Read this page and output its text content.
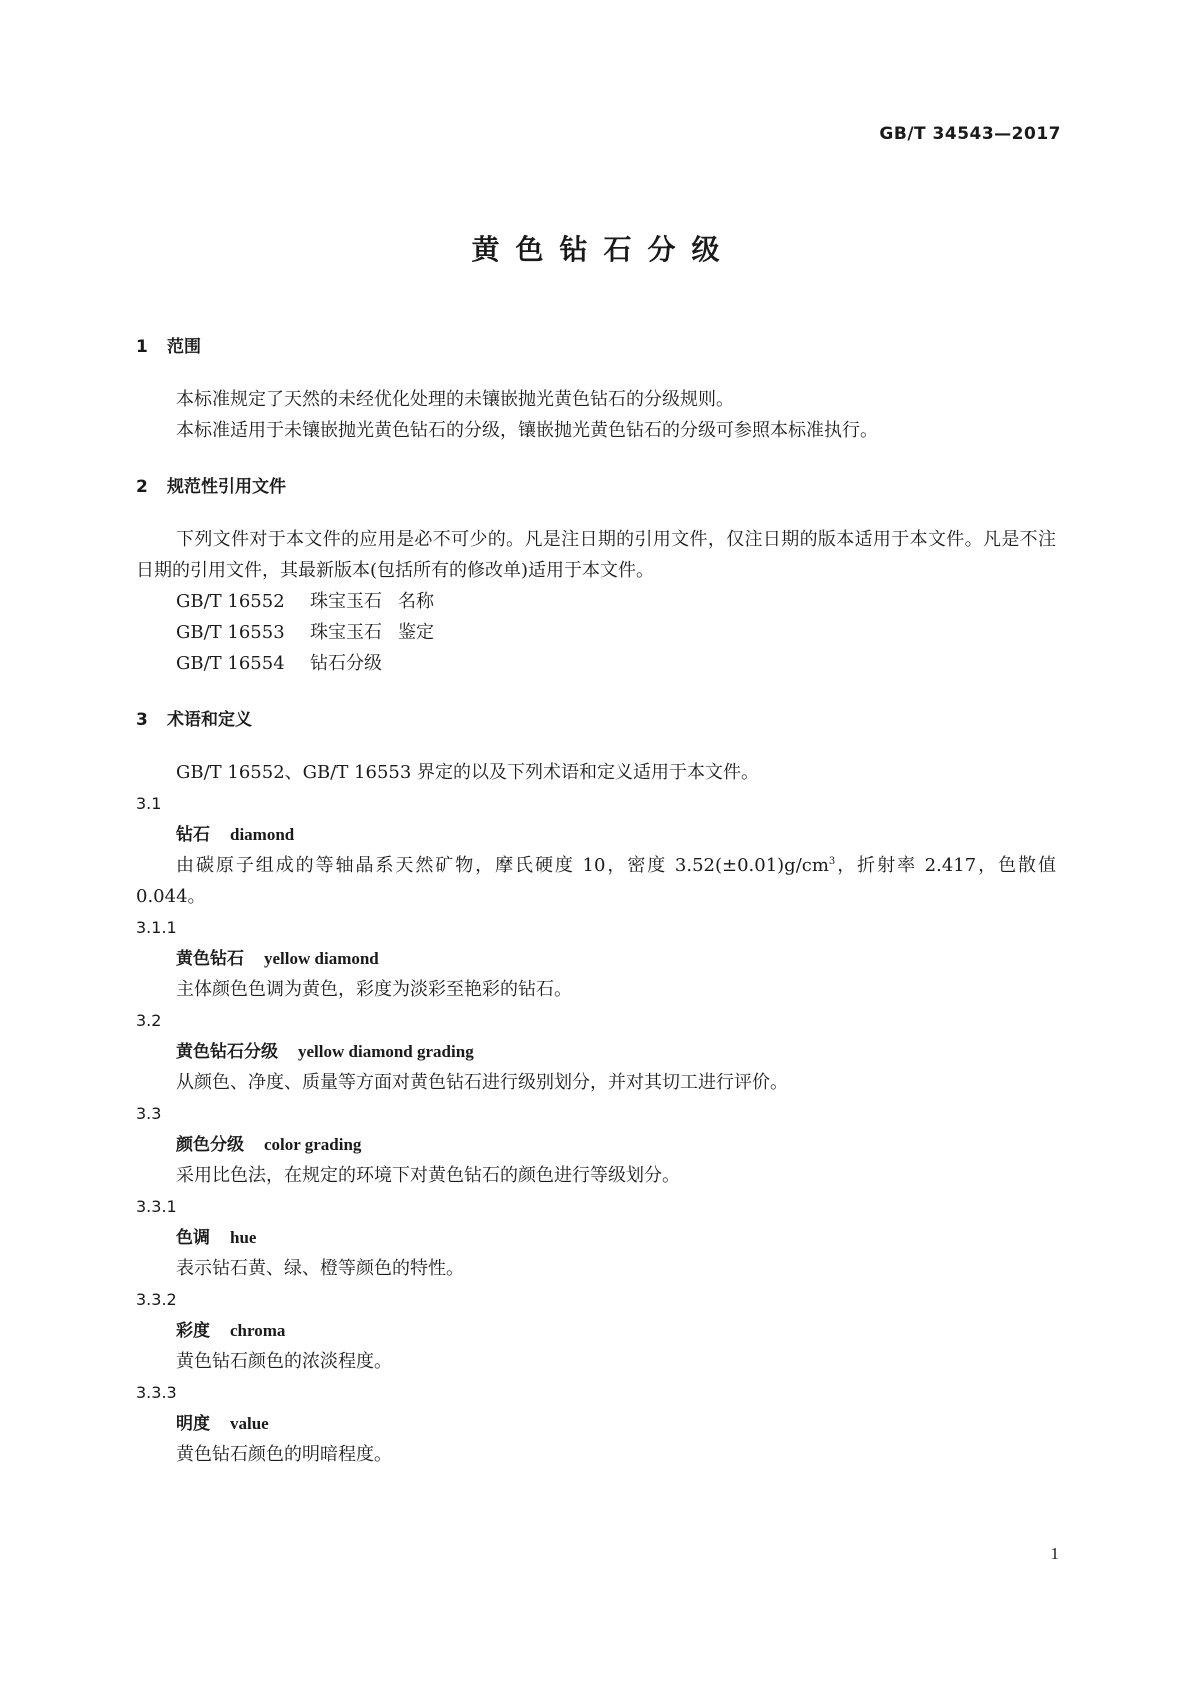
GB/T 34543—2017
黄色钻石分级
1 范围

本标准规定了天然的未经优化处理的未镶嵌抛光黄色钻石的分级规则。

本标准适用于未镶嵌抛光黄色钻石的分级，镶嵌抛光黄色钻石的分级可参照本标准执行。

2 规范性引用文件

下列文件对于本文件的应用是必不可少的。凡是注日期的引用文件，仅注日期的版本适用于本文件。凡是不注日期的引用文件，其最新版本(包括所有的修改单)适用于本文件。

GB/T 16552 珠宝玉石 名称
GB/T 16553 珠宝玉石 鉴定
GB/T 16554 钻石分级
3 术语和定义

GB/T 16552、GB/T 16553 界定的以及下列术语和定义适用于本文件。

3.1
钻石 diamond

由碳原子组成的等轴晶系天然矿物，摩氏硬度 10，密度 $3.52(\pm 0.01)g/cm^3$，折射率 2.417，色散值 0.044。

3.1.1
黄色钻石 yellow diamond

主体颜色色调为黄色，彩度为淡彩至艳彩的钻石。

3.2
黄色钻石分级 yellow diamond grading

从颜色、净度、质量等方面对黄色钻石进行级别划分，并对其切工进行评价。

3.3
颜色分级 color grading

采用比色法，在规定的环境下对黄色钻石的颜色进行等级划分。

3.3.1
色调 hue

表示钻石黄、绿、橙等颜色的特性。

3.3.2
彩度 chroma

黄色钻石颜色的浓淡程度。

3.3.3
明度 value

黄色钻石颜色的明暗程度。

1
